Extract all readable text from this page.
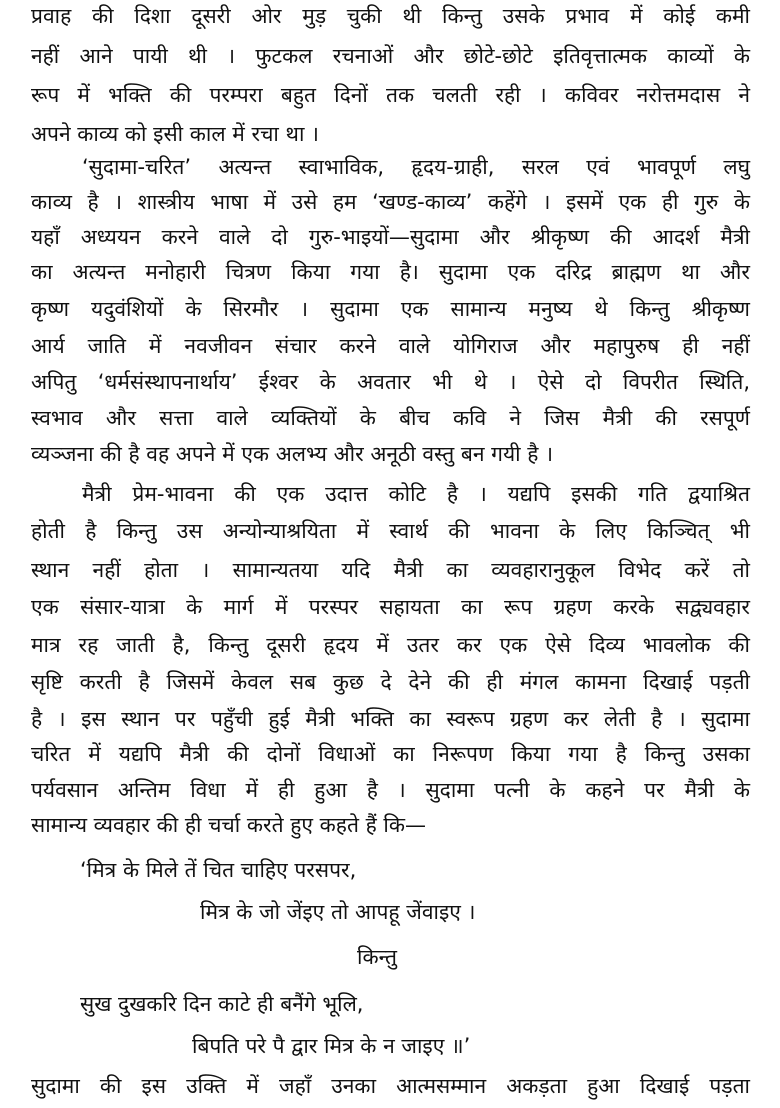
प्रवाह की दिशा दूसरी ओर मुड़ चुकी थी किन्तु उसके प्रभाव में कोई कमी
नहीं आने पायी थी । फुटकल रचनाओं और छोटे-छोटे इतिवृत्तात्मक काव्यों के
रूप में भक्ति की परम्परा बहुत दिनों तक चलती रही । कविवर नरोत्तमदास ने
अपने काव्य को इसी काल में रचा था ।
‘सुदामा-चरित’ अत्यन्त स्वाभाविक, हृदय-ग्राही, सरल एवं भावपूर्ण लघु
काव्य है । शास्त्रीय भाषा में उसे हम ‘खण्ड-काव्य’ कहेंगे । इसमें एक ही गुरु के
यहाँ अध्ययन करने वाले दो गुरु-भाइयों—सुदामा और श्रीकृष्ण की आदर्श मैत्री
का अत्यन्त मनोहारी चित्रण किया गया है। सुदामा एक दरिद्र ब्राह्मण था और
कृष्ण यदुवंशियों के सिरमौर । सुदामा एक सामान्य मनुष्य थे किन्तु श्रीकृष्ण
आर्य जाति में नवजीवन संचार करने वाले योगिराज और महापुरुष ही नहीं
अपितु ‘धर्मसंस्थापनार्थाय’ ईश्वर के अवतार भी थे । ऐसे दो विपरीत स्थिति,
स्वभाव और सत्ता वाले व्यक्तियों के बीच कवि ने जिस मैत्री की रसपूर्ण
व्यञ्जना की है वह अपने में एक अलभ्य और अनूठी वस्तु बन गयी है ।
मैत्री प्रेम-भावना की एक उदात्त कोटि है । यद्यपि इसकी गति द्वयाश्रित
होती है किन्तु उस अन्योन्याश्रयिता में स्वार्थ की भावना के लिए किञ्चित् भी
स्थान नहीं होता । सामान्यतया यदि मैत्री का व्यवहारानुकूल विभेद करें तो
एक संसार-यात्रा के मार्ग में परस्पर सहायता का रूप ग्रहण करके सद्व्यवहार
मात्र रह जाती है, किन्तु दूसरी हृदय में उतर कर एक ऐसे दिव्य भावलोक की
सृष्टि करती है जिसमें केवल सब कुछ दे देने की ही मंगल कामना दिखाई पड़ती
है । इस स्थान पर पहुँची हुई मैत्री भक्ति का स्वरूप ग्रहण कर लेती है । सुदामा
चरित में यद्यपि मैत्री की दोनों विधाओं का निरूपण किया गया है किन्तु उसका
पर्यवसान अन्तिम विधा में ही हुआ है । सुदामा पत्नी के कहने पर मैत्री के
सामान्य व्यवहार की ही चर्चा करते हुए कहते हैं कि—
‘मित्र के मिले तें चित चाहिए परसपर,
मित्र के जो जेंइए तो आपहू जेंवाइए ।
किन्तु
सुख दुखकरि दिन काटे ही बनैंगे भूलि,
बिपति परे पै द्वार मित्र के न जाइए ॥’
सुदामा की इस उक्ति में जहाँ उनका आत्मसम्मान अकड़ता हुआ दिखाई पड़ता
